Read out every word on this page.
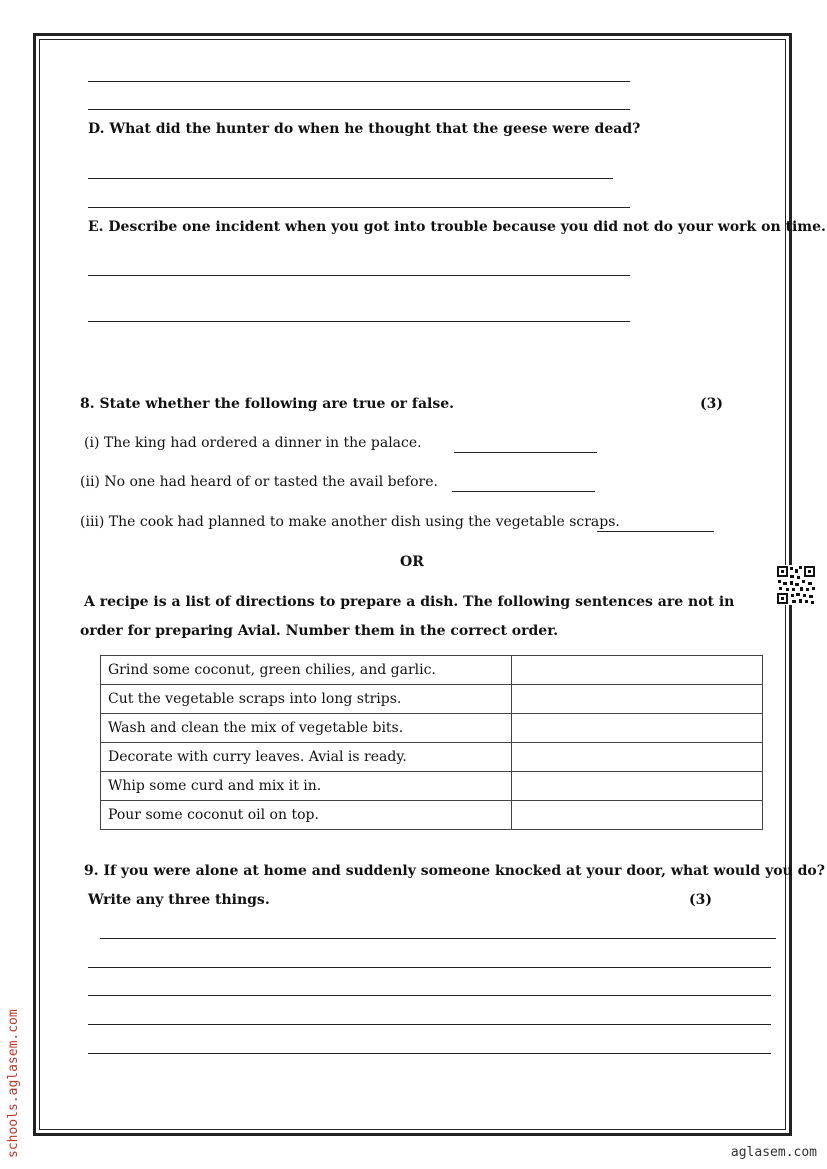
D. What did the hunter do when he thought that the geese were dead?
E. Describe one incident when you got into trouble because you did not do your work on time.
8. State whether the following are true or false.	(3)
(i) The king had ordered a dinner in the palace.
(ii) No one had heard of or tasted the avail before.
(iii) The cook had planned to make another dish using the vegetable scraps.
OR
A recipe is a list of directions to prepare a dish. The following sentences are not in
order for preparing Avial. Number them in the correct order.
Grind some coconut, green chilies, and garlic.	
Cut the vegetable scraps into long strips.	
Wash and clean the mix of vegetable bits.	
Decorate with curry leaves. Avial is ready.	
Whip some curd and mix it in.	
Pour some coconut oil on top.	
9. If you were alone at home and suddenly someone knocked at your door, what would you do?
Write any three things.	(3)
schools.aglasem.com	aglasem.com
